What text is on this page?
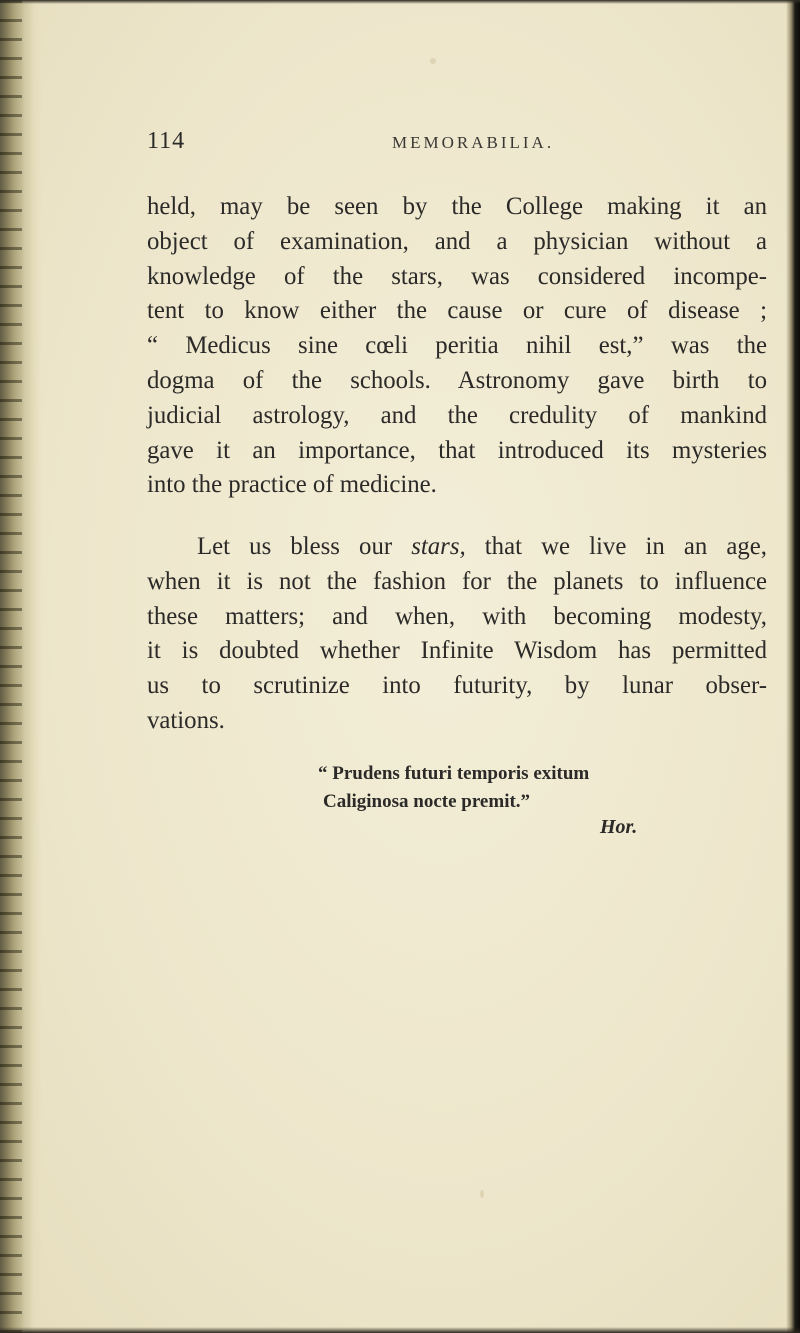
114	MEMORABILIA.
held, may be seen by the College making it an
object of examination, and a physician without a
knowledge of the stars, was considered incompe-
tent to know either the cause or cure of disease ;
“ Medicus sine cœli peritia nihil est,” was the
dogma of the schools. Astronomy gave birth to
judicial astrology, and the credulity of mankind
gave it an importance, that introduced its mysteries
into the practice of medicine.
Let us bless our stars, that we live in an age,
when it is not the fashion for the planets to influence
these matters; and when, with becoming modesty,
it is doubted whether Infinite Wisdom has permitted
us to scrutinize into futurity, by lunar obser-
vations.
“ Prudens futuri temporis exitum
Caliginosa nocte premit.”
Hor.
